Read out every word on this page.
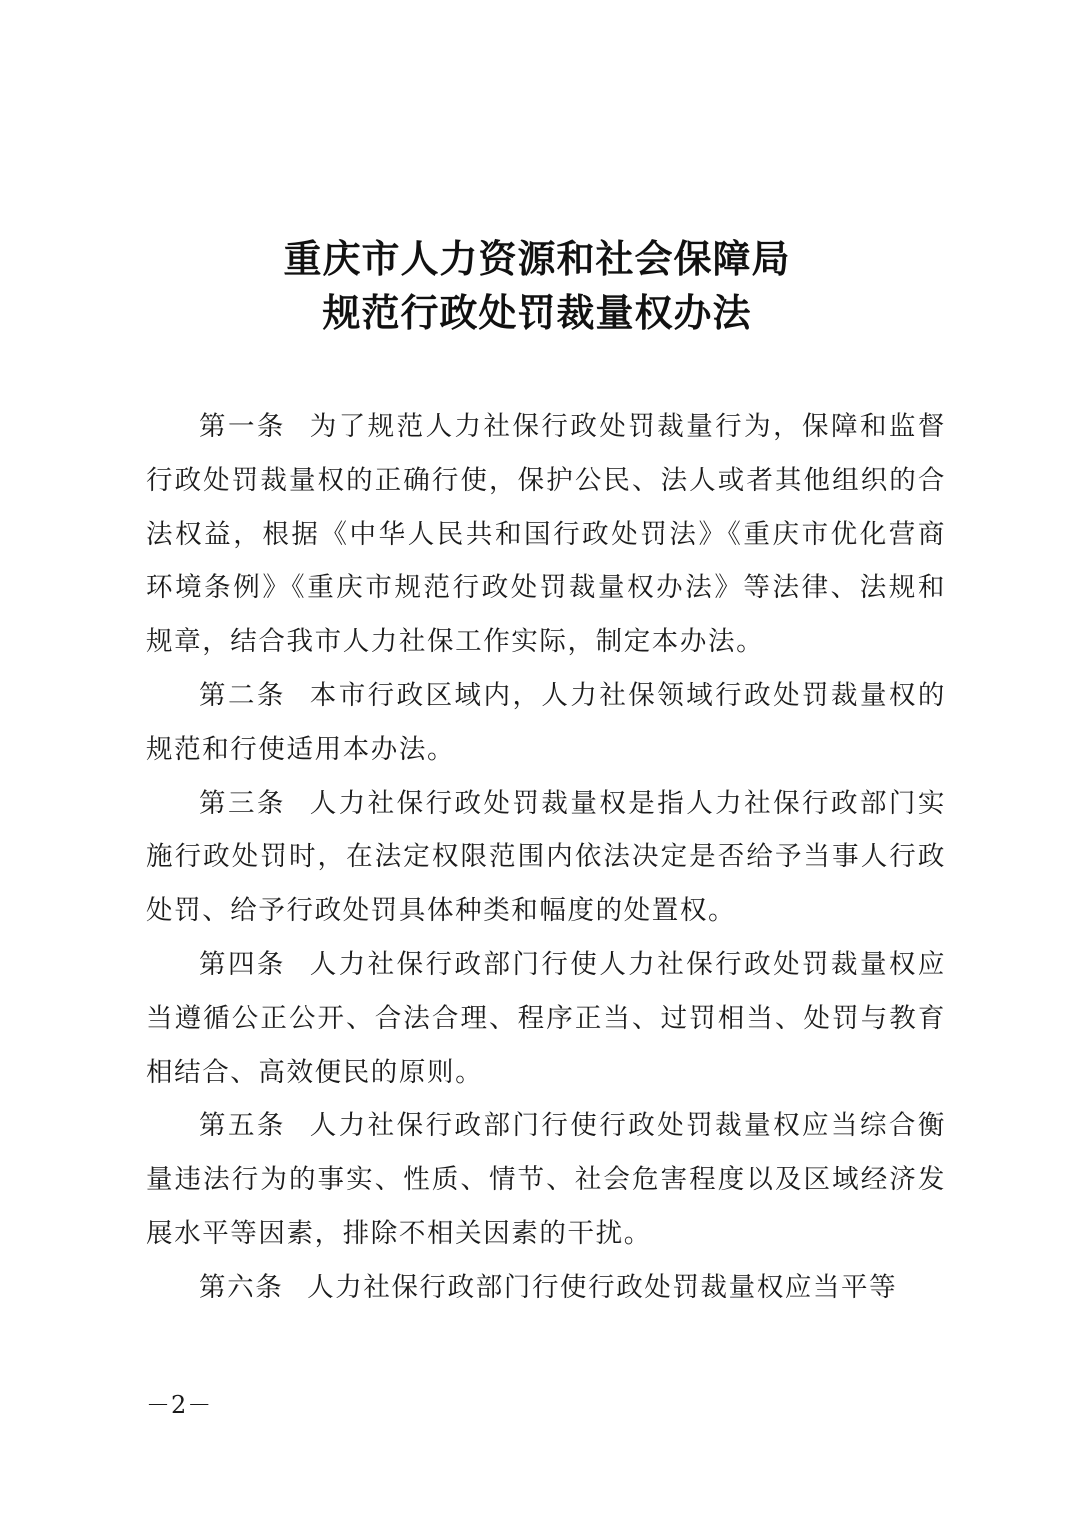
重庆市人力资源和社会保障局
规范行政处罚裁量权办法

第一条 为了规范人力社保行政处罚裁量行为，保障和监督行政处罚裁量权的正确行使，保护公民、法人或者其他组织的合法权益，根据《中华人民共和国行政处罚法》《重庆市优化营商环境条例》《重庆市规范行政处罚裁量权办法》等法律、法规和规章，结合我市人力社保工作实际，制定本办法。

第二条 本市行政区域内，人力社保领域行政处罚裁量权的规范和行使适用本办法。

第三条 人力社保行政处罚裁量权是指人力社保行政部门实施行政处罚时，在法定权限范围内依法决定是否给予当事人行政处罚、给予行政处罚具体种类和幅度的处置权。

第四条 人力社保行政部门行使人力社保行政处罚裁量权应当遵循公正公开、合法合理、程序正当、过罚相当、处罚与教育相结合、高效便民的原则。

第五条 人力社保行政部门行使行政处罚裁量权应当综合衡量违法行为的事实、性质、情节、社会危害程度以及区域经济发展水平等因素，排除不相关因素的干扰。

第六条 人力社保行政部门行使行政处罚裁量权应当平等

－2－
